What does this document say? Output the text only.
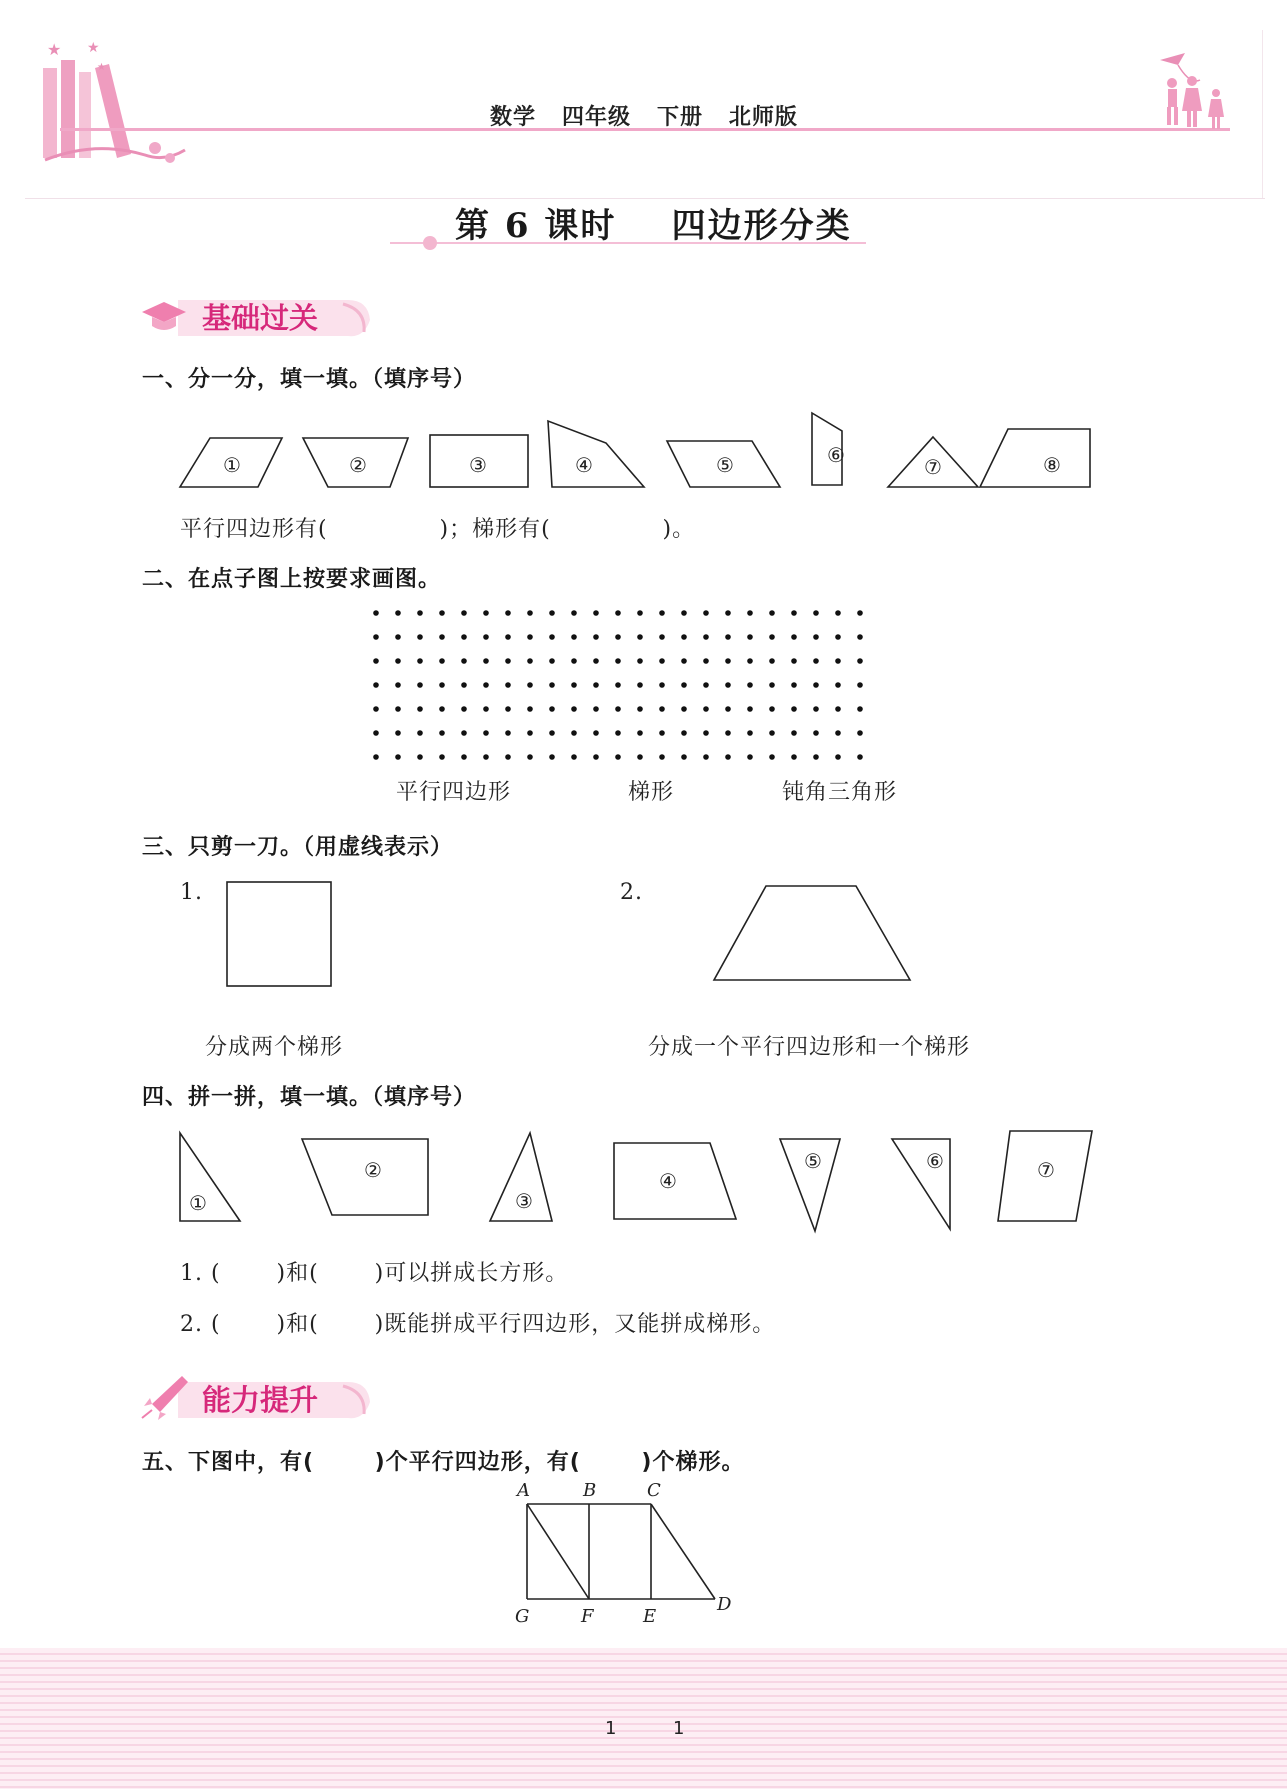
★ ★
★
数学   四年级   下册   北师版
第 6 课时    四边形分类
基础过关
一、分一分，填一填。（填序号）
①	②	③	④	⑤	⑥	⑦	⑧
平行四边形有(              )；梯形有(              )。
二、在点子图上按要求画图。
平行四边形	梯形	钝角三角形
三、只剪一刀。（用虚线表示）
1.
分成两个梯形
2.
分成一个平行四边形和一个梯形
四、拼一拼，填一填。（填序号）
①
②
③
④
⑤	⑥	⑦
1. (       )和(       )可以拼成长方形。
2. (       )和(       )既能拼成平行四边形，又能拼成梯形。
能力提升
五、下图中，有(       )个平行四边形，有(       )个梯形。
A	B	C
D
E
F
G
1	1
